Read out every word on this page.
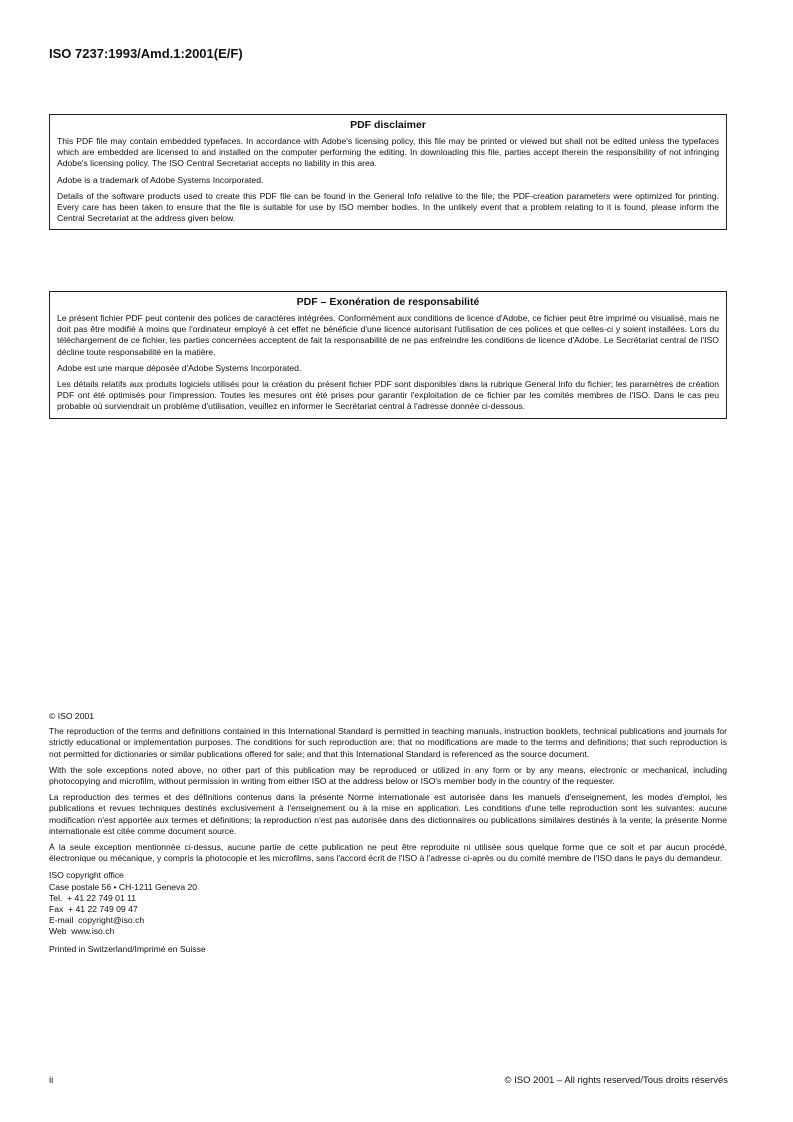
ISO 7237:1993/Amd.1:2001(E/F)
PDF disclaimer

This PDF file may contain embedded typefaces. In accordance with Adobe's licensing policy, this file may be printed or viewed but shall not be edited unless the typefaces which are embedded are licensed to and installed on the computer performing the editing. In downloading this file, parties accept therein the responsibility of not infringing Adobe's licensing policy. The ISO Central Secretariat accepts no liability in this area.

Adobe is a trademark of Adobe Systems Incorporated.

Details of the software products used to create this PDF file can be found in the General Info relative to the file; the PDF-creation parameters were optimized for printing. Every care has been taken to ensure that the file is suitable for use by ISO member bodies. In the unlikely event that a problem relating to it is found, please inform the Central Secretariat at the address given below.

PDF – Exonération de responsabilité

Le présent fichier PDF peut contenir des polices de caractères intégrées. Conformément aux conditions de licence d'Adobe, ce fichier peut être imprimé ou visualisé, mais ne doit pas être modifié à moins que l'ordinateur employé à cet effet ne bénéficie d'une licence autorisant l'utilisation de ces polices et que celles-ci y soient installées. Lors du téléchargement de ce fichier, les parties concernées acceptent de fait la responsabilité de ne pas enfreindre les conditions de licence d'Adobe. Le Secrétariat central de l'ISO décline toute responsabilité en la matière.

Adobe est une marque déposée d'Adobe Systems Incorporated.

Les détails relatifs aux produits logiciels utilisés pour la création du présent fichier PDF sont disponibles dans la rubrique General Info du fichier; les paramètres de création PDF ont été optimisés pour l'impression. Toutes les mesures ont été prises pour garantir l'exploitation de ce fichier par les comités membres de l'ISO. Dans le cas peu probable où surviendrait un problème d'utilisation, veuillez en informer le Secrétariat central à l'adresse donnée ci-dessous.

© ISO 2001

The reproduction of the terms and definitions contained in this International Standard is permitted in teaching manuals, instruction booklets, technical publications and journals for strictly educational or implementation purposes. The conditions for such reproduction are: that no modifications are made to the terms and definitions; that such reproduction is not permitted for dictionaries or similar publications offered for sale; and that this International Standard is referenced as the source document.

With the sole exceptions noted above, no other part of this publication may be reproduced or utilized in any form or by any means, electronic or mechanical, including photocopying and microfilm, without permission in writing from either ISO at the address below or ISO's member body in the country of the requester.

La reproduction des termes et des définitions contenus dans la présente Norme internationale est autorisée dans les manuels d'enseignement, les modes d'emploi, les publications et revues techniques destinés exclusivement à l'enseignement ou à la mise en application. Les conditions d'une telle reproduction sont les suivantes: aucune modification n'est apportée aux termes et définitions; la reproduction n'est pas autorisée dans des dictionnaires ou publications similaires destinés à la vente; la présente Norme internationale est citée comme document source.

À la seule exception mentionnée ci-dessus, aucune partie de cette publication ne peut être reproduite ni utilisée sous quelque forme que ce soit et par aucun procédé, électronique ou mécanique, y compris la photocopie et les microfilms, sans l'accord écrit de l'ISO à l'adresse ci-après ou du comité membre de l'ISO dans le pays du demandeur.

ISO copyright office
Case postale 56 • CH-1211 Geneva 20
Tel.  + 41 22 749 01 11
Fax  + 41 22 749 09 47
E-mail  copyright@iso.ch
Web  www.iso.ch
Printed in Switzerland/Imprimé en Suisse
ii	© ISO 2001 – All rights reserved/Tous droits réservés
